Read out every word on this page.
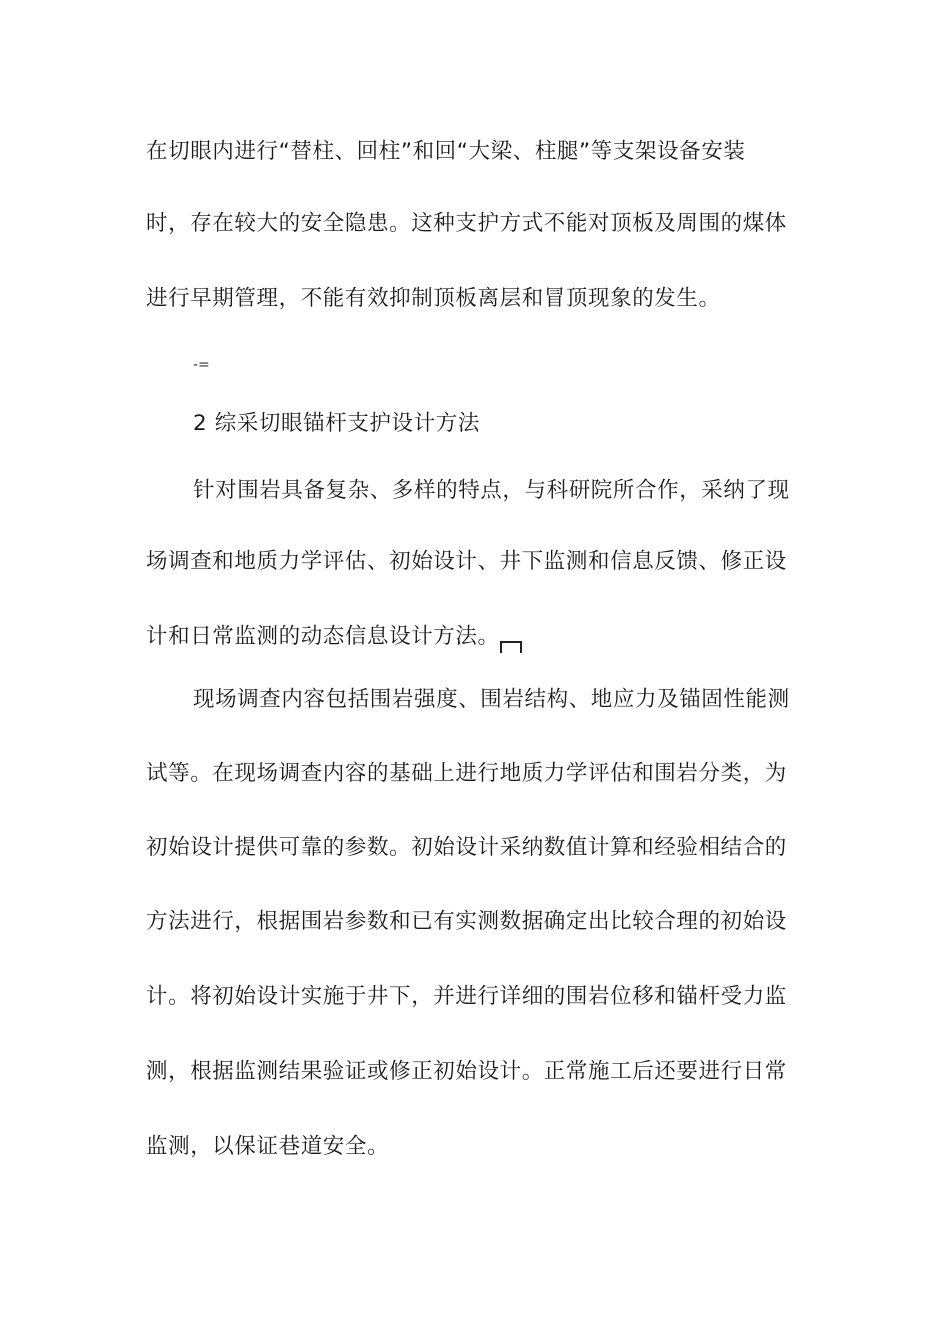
在切眼内进行“替柱、回柱”和回“大梁、柱腿”等支架设备安装
时，存在较大的安全隐患。这种支护方式不能对顶板及周围的煤体
进行早期管理，不能有效抑制顶板离层和冒顶现象的发生。
-=
2 综采切眼锚杆支护设计方法
针对围岩具备复杂、多样的特点，与科研院所合作，采纳了现
场调查和地质力学评估、初始设计、井下监测和信息反馈、修正设
计和日常监测的动态信息设计方法。
现场调查内容包括围岩强度、围岩结构、地应力及锚固性能测
试等。在现场调查内容的基础上进行地质力学评估和围岩分类，为
初始设计提供可靠的参数。初始设计采纳数值计算和经验相结合的
方法进行，根据围岩参数和已有实测数据确定出比较合理的初始设
计。将初始设计实施于井下，并进行详细的围岩位移和锚杆受力监
测，根据监测结果验证或修正初始设计。正常施工后还要进行日常
监测，以保证巷道安全。
